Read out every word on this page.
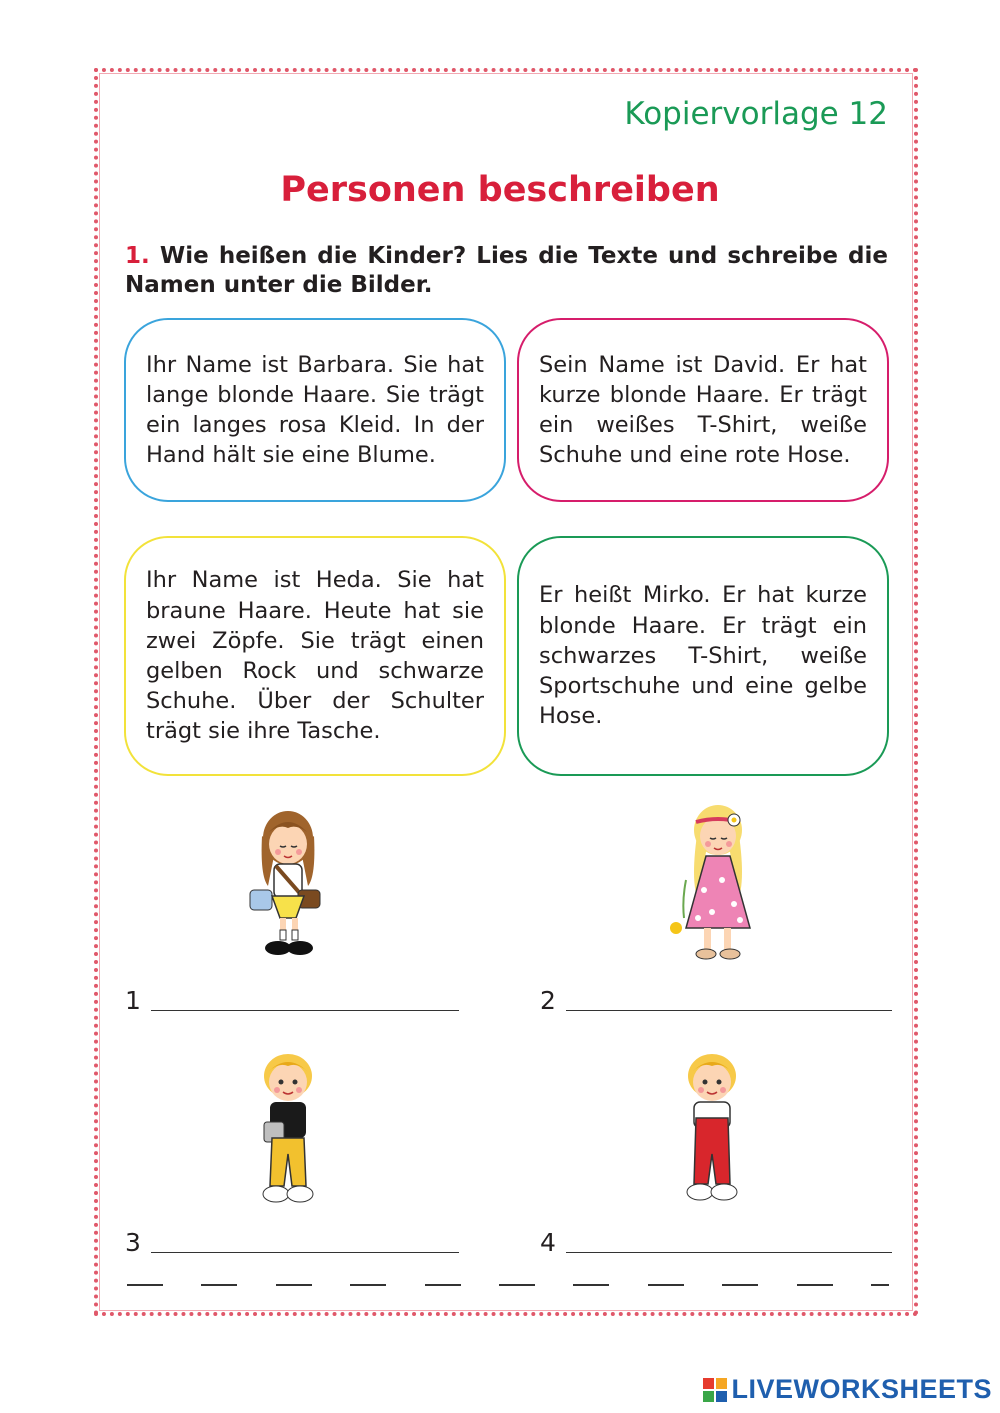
Kopiervorlage 12
Personen beschreiben
1. Wie heißen die Kinder? Lies die Texte und schreibe die Namen unter die Bilder.
Ihr Name ist Barbara. Sie hat lange blonde Haare. Sie trägt ein langes rosa Kleid. In der Hand hält sie eine Blume.
Sein Name ist David. Er hat kurze blonde Haare. Er trägt ein weißes T-Shirt, weiße Schuhe und eine rote Hose.
Ihr Name ist Heda. Sie hat braune Haare. Heute hat sie zwei Zöpfe. Sie trägt einen gelben Rock und schwarze Schuhe. Über der Schulter trägt sie ihre Tasche.
Er heißt Mirko. Er hat kurze blonde Haare. Er trägt ein schwarzes T-Shirt, weiße Sportschuhe und eine gelbe Hose.
1	2
3	4
LIVEWORKSHEETS
